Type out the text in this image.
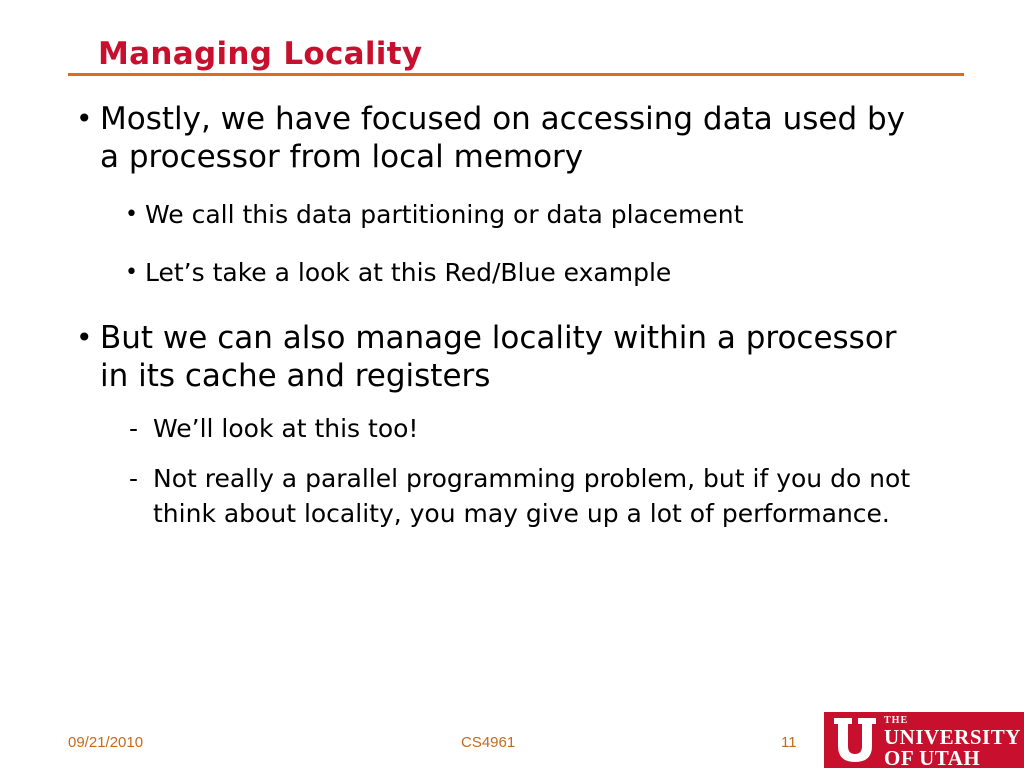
Managing Locality
• Mostly, we have focused on accessing data used by a processor from local memory
• We call this data partitioning or data placement
• Let’s take a look at this Red/Blue example
• But we can also manage locality within a processor in its cache and registers
- We’ll look at this too!
- Not really a parallel programming problem, but if you do not think about locality, you may give up a lot of performance.
09/21/2010	CS4961	11
THE
UNIVERSITY
OF UTAH
